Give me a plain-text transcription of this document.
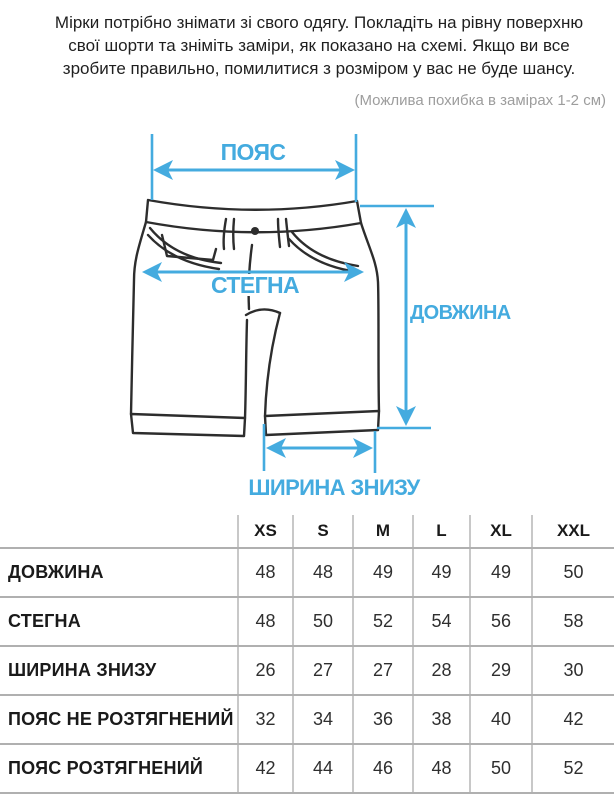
Мірки потрібно знімати зі свого одягу. Покладіть на рівну поверхню
свої шорти та зніміть заміри, як показано на схемі. Якщо ви все
зробите правильно, помилитися з розміром у вас не буде шансу.
(Можлива похибка в замірах 1-2 см)
ПОЯС
СТЕГНА
ДОВЖИНА
ШИРИНА ЗНИЗУ
	XS	S	M	L	XL	XXL
ДОВЖИНА	48	48	49	49	49	50
СТЕГНА	48	50	52	54	56	58
ШИРИНА ЗНИЗУ	26	27	27	28	29	30
ПОЯС НЕ РОЗТЯГНЕНИЙ	32	34	36	38	40	42
ПОЯС РОЗТЯГНЕНИЙ	42	44	46	48	50	52
